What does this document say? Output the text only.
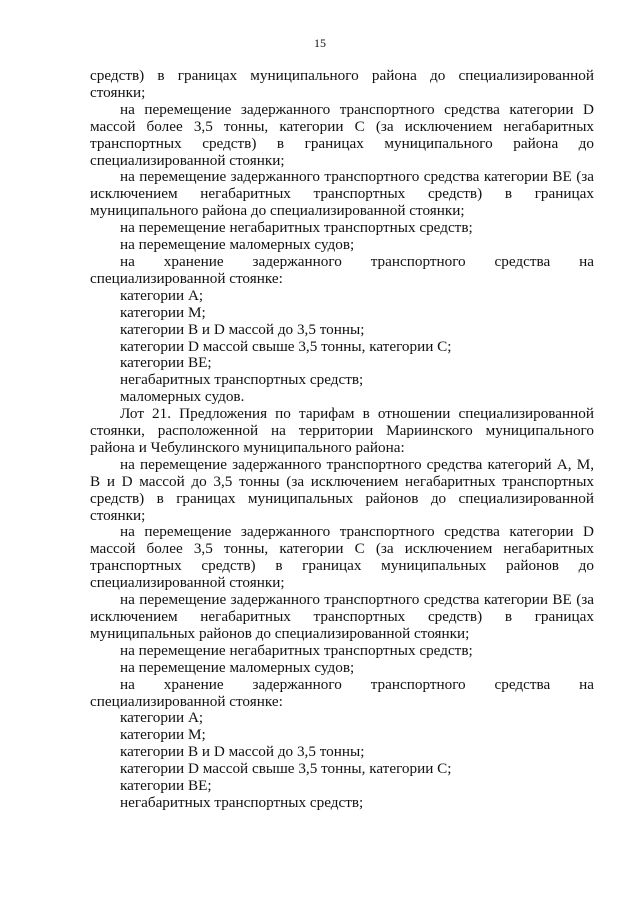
15

средств) в границах муниципального района до специализированной стоянки;

на перемещение задержанного транспортного средства категории D массой более 3,5 тонны, категории C (за исключением негабаритных транспортных средств) в границах муниципального района до специализированной стоянки;

на перемещение задержанного транспортного средства категории BE (за исключением негабаритных транспортных средств) в границах муниципального района до специализированной стоянки;

на перемещение негабаритных транспортных средств;

на перемещение маломерных судов;

на хранение задержанного транспортного средства на специализированной стоянке:

категории A;

категории M;

категории B и D массой до 3,5 тонны;

категории D массой свыше 3,5 тонны, категории C;

категории BE;

негабаритных транспортных средств;

маломерных судов.

Лот 21. Предложения по тарифам в отношении специализированной стоянки, расположенной на территории Мариинского муниципального района и Чебулинского муниципального района:

на перемещение задержанного транспортного средства категорий A, M, B и D массой до 3,5 тонны (за исключением негабаритных транспортных средств) в границах муниципальных районов до специализированной стоянки;

на перемещение задержанного транспортного средства категории D массой более 3,5 тонны, категории C (за исключением негабаритных транспортных средств) в границах муниципальных районов до специализированной стоянки;

на перемещение задержанного транспортного средства категории BE (за исключением негабаритных транспортных средств) в границах муниципальных районов до специализированной стоянки;

на перемещение негабаритных транспортных средств;

на перемещение маломерных судов;

на хранение задержанного транспортного средства на специализированной стоянке:

категории A;

категории M;

категории B и D массой до 3,5 тонны;

категории D массой свыше 3,5 тонны, категории C;

категории BE;

негабаритных транспортных средств;
